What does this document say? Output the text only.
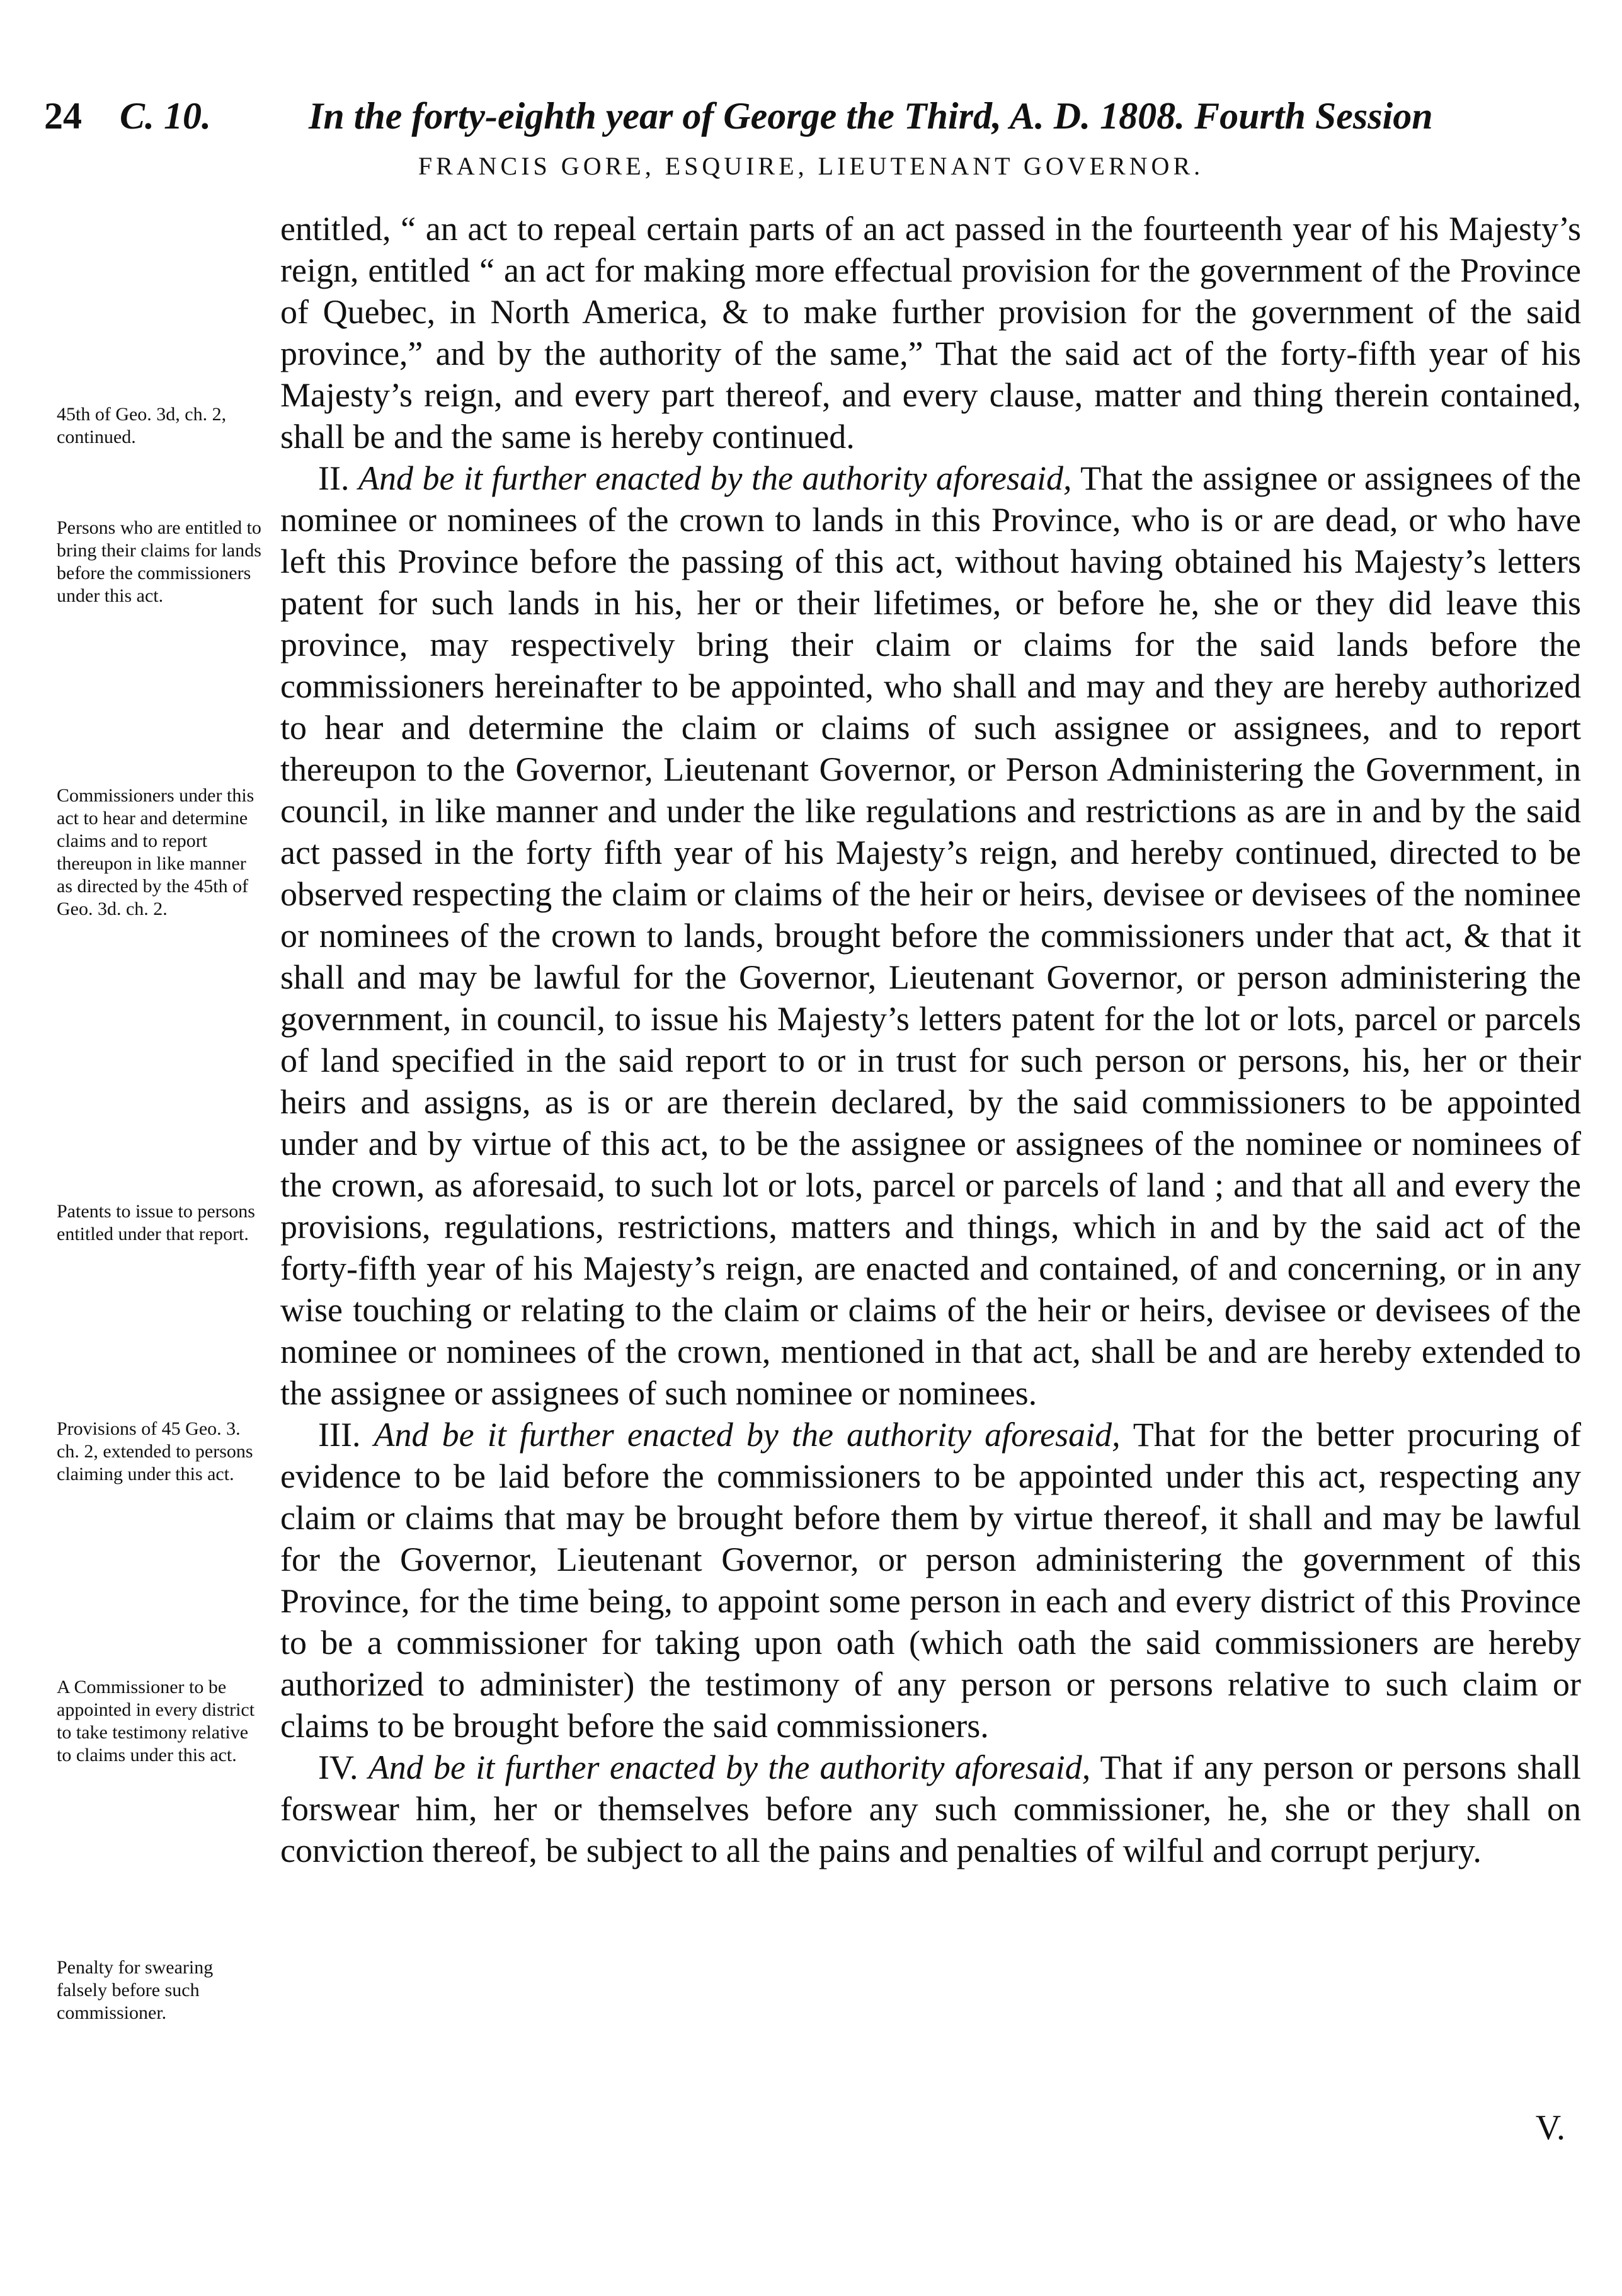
24 C. 10.	In the forty-eighth year of George the Third, A. D. 1808. Fourth Session
FRANCIS GORE, ESQUIRE, LIEUTENANT GOVERNOR.

entitled, “ an act to repeal certain parts of an act passed in the fourteenth year of his Majesty’s reign, entitled “ an act for making more effectual provision for the government of the Province of Quebec, in North America, & to make further provision for the government of the said province,” and by the authority of the same,” That the said act of the forty-fifth year of his Majesty’s reign, and every part thereof, and every clause, matter and thing therein contained, shall be and the same is hereby continued.

II. And be it further enacted by the authority aforesaid, That the assignee or assignees of the nominee or nominees of the crown to lands in this Province, who is or are dead, or who have left this Province before the passing of this act, without having obtained his Majesty’s letters patent for such lands in his, her or their lifetimes, or before he, she or they did leave this province, may respectively bring their claim or claims for the said lands before the commissioners hereinafter to be appointed, who shall and may and they are hereby authorized to hear and determine the claim or claims of such assignee or assignees, and to report thereupon to the Governor, Lieutenant Governor, or Person Administering the Government, in council, in like manner and under the like regulations and restrictions as are in and by the said act passed in the forty fifth year of his Majesty’s reign, and hereby continued, directed to be observed respecting the claim or claims of the heir or heirs, devisee or devisees of the nominee or nominees of the crown to lands, brought before the commissioners under that act, & that it shall and may be lawful for the Governor, Lieutenant Governor, or person administering the government, in council, to issue his Majesty’s letters patent for the lot or lots, parcel or parcels of land specified in the said report to or in trust for such person or persons, his, her or their heirs and assigns, as is or are therein declared, by the said commissioners to be appointed under and by virtue of this act, to be the assignee or assignees of the nominee or nominees of the crown, as aforesaid, to such lot or lots, parcel or parcels of land ; and that all and every the provisions, regulations, restrictions, matters and things, which in and by the said act of the forty-fifth year of his Majesty’s reign, are enacted and contained, of and concerning, or in any wise touching or relating to the claim or claims of the heir or heirs, devisee or devisees of the nominee or nominees of the crown, mentioned in that act, shall be and are hereby extended to the assignee or assignees of such nominee or nominees.

III. And be it further enacted by the authority aforesaid, That for the better procuring of evidence to be laid before the commissioners to be appointed under this act, respecting any claim or claims that may be brought before them by virtue thereof, it shall and may be lawful for the Governor, Lieutenant Governor, or person administering the government of this Province, for the time being, to appoint some person in each and every district of this Province to be a commissioner for taking upon oath (which oath the said commissioners are hereby authorized to administer) the testimony of any person or persons relative to such claim or claims to be brought before the said commissioners.

IV. And be it further enacted by the authority aforesaid, That if any person or persons shall forswear him, her or themselves before any such commissioner, he, she or they shall on conviction thereof, be subject to all the pains and penalties of wilful and corrupt perjury.

45th of Geo. 3d, ch. 2, continued.
Persons who are entitled to bring their claims for lands before the commissioners under this act.
Commissioners under this act to hear and determine claims and to report thereupon in like manner as directed by the 45th of Geo. 3d. ch. 2.
Patents to issue to persons entitled under that report.
Provisions of 45 Geo. 3. ch. 2, extended to persons claiming under this act.
A Commissioner to be appointed in every district to take testimony relative to claims under this act.
Penalty for swearing falsely before such commissioner.
V.
